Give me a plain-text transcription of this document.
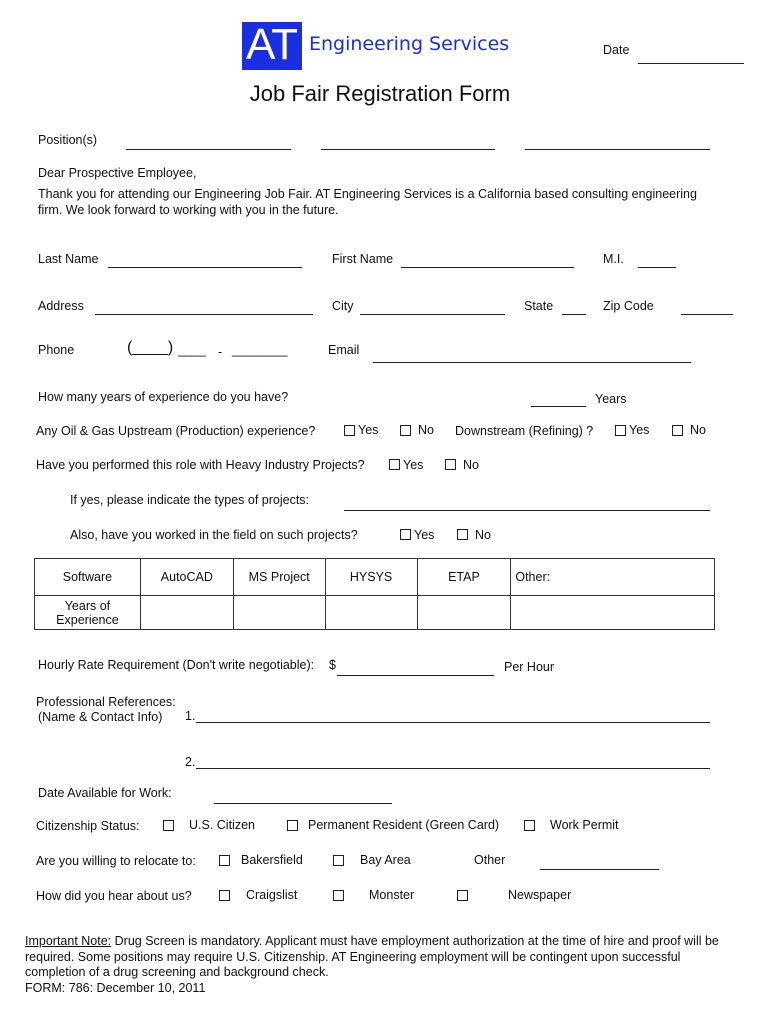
AT Engineering Services	Date
Job Fair Registration Form
Position(s)
Dear Prospective Employee,
Thank you for attending our Engineering Job Fair. AT Engineering Services is a California based consulting engineering
firm. We look forward to working with you in the future.
Last Name	First Name	M.I.
Address	City	State	Zip Code
Phone	(____) ____ - ________	Email
How many years of experience do you have?	Years
Any Oil & Gas Upstream (Production) experience?	Yes	No Downstream (Refining) ?	Yes	No
Have you performed this role with Heavy Industry Projects?	Yes	No
If yes, please indicate the types of projects:
Also, have you worked in the field on such projects?	Yes	No
Software	AutoCAD	MS Project	HYSYS	ETAP	Other:
Years of
Experience					
Hourly Rate Requirement (Don't write negotiable): $	Per Hour
Professional References:
(Name & Contact Info) 1.
2.
Date Available for Work:
Citizenship Status:	U.S. Citizen	Permanent Resident (Green Card)	Work Permit
Are you willing to relocate to:	Bakersfield	Bay Area	Other
How did you hear about us?	Craigslist	Monster	Newspaper
Important Note: Drug Screen is mandatory. Applicant must have employment authorization at the time of hire and proof will be required. Some positions may require U.S. Citizenship. AT Engineering employment will be contingent upon successful completion of a drug screening and background check.
FORM: 786: December 10, 2011
